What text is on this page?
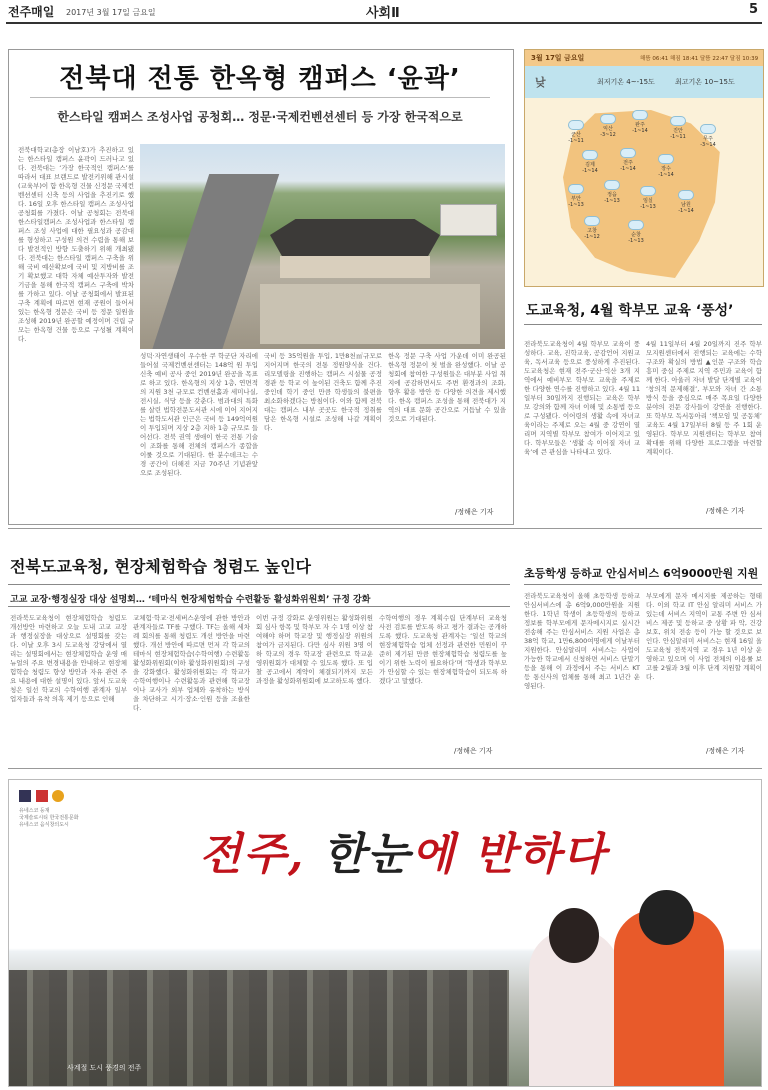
전주매일 2017년 3월 17일 금요일	사회Ⅱ	5
전북대 전통 한옥형 캠퍼스 ‘윤곽’
한스타일 캠퍼스 조성사업 공청회… 정문·국제컨벤션센터 등 가장 한국적으로
전북대학교(총장 이남호)가 추진하고 있는 한스타일 캠퍼스 윤곽이 드러나고 있다. 전북대는 ‘가장 한국적인 캠퍼스’를 따라서 대표 브랜드로 발전키위해 관시설(교육부)이 함 한옥형 건물 신정문 국제컨벤션센터 신축 등의 사업을 추진키로 했다. 16일 오후 한스타일 캠퍼스 조성사업 공청회를 가졌다. 이날 공청회는 전북대 한스타일캠퍼스 조성사업과 한스타일 캠퍼스 조성 사업에 대한 필요성과 공감대를 형성하고 구성원 의견 수렴을 통해 보다 발전적인 방향 도출하기 위해 개최됐다. 전북대는 한스타일 캠퍼스 구축을 위해 국비 예산확보에 국비 및 지방비를 조기 확보했고 대학 자체 예산투자와 발전기금을 통해 한국적 캠퍼스 구축에 박차를 가하고 있다. 이날 공청회에서 발표된 구축 계획에 따르면 현재 공원이 들어서 있는 한옥형 정문은 국비 등 정문 일원을 조성해 2019년 완공할 예정이며 건립 규모는 한옥형 건물 등으로 구성될 계획이다.
성덕·자연생태이 우수한 쿠 학군단 자리에 들어설 국제컨벤션센터는 148억 원 투입 신축 예비 공사 중인 2019년 완공을 목표로 하고 있다. 한옥형의 지상 1층, 연면적의 지원 3천 규모로 컨벤션홀과 세미나실, 전시실, 식당 등을 갖춘다. 범과대의 특화를 살린 법학전문도서관 시에 이어 지어지는 법학도서관 인근은 국비 등 149억여원이 투입되며 지상 2층 지하 1층 규모로 들어선다. 전북 권역 생애이 한국 전통 기술이 조화를 통해 전체의 캠퍼스가 종합을 이룰 것으로 기대된다. 한 분수데크는 수경 공간이 더해진 지금 70주년 기념관앞으로 조성된다.
국비 등 35억원을 투입, 1만8천㎡규모로 지어지며 한국의 전통 정원양식을 건다. 리모델링을 진행하는 캠퍼스 시설물 공정 경관 등 학교 이 높이된 건축도 함께 추진 중인데 학기 중인 만큼 학생들의 불편을 최소화하겠다는 방침이다. 이와 함께 전북대는 캠퍼스 내부 곳곳도 한국적 정취를 담은 한옥형 시설로 조성해 나갈 계획이다.
한옥 정문 구축 사업 가운데 이미 완공된 한옥형 정문이 첫 벌을 완성했다. 이날 공청회에 참여한 구성원들은 대부분 사업 취지에 공감하면서도 주변 환경과의 조화, 향후 활용 방안 등 다양한 의견을 제시했다. 한옥 캠퍼스 조성을 통해 전북대가 지역의 대표 문화 공간으로 거듭날 수 있을 것으로 기대된다.
/정해은 기자
3월 17일 금요일	해뜸 06:41 해짐 18:41 달뜸 22:47 달짐 10:39
낮	최저기온 4~-15도	최고기온 10~15도
군산
-1~11
익산
-3~12
완주
-1~14	진안
-1~11	무주
-3~14
김제
-1~14
전주
-1~14	장수
-1~14
부안
-1~13
정읍
-1~13	임실
-1~13	남원
-1~14
고창
-1~12	순창
-1~13
도교육청, 4월 학부모 교육 ‘풍성’
전라북도교육청이 4월 학부모 교육이 풍성하다. 교육, 진학교육, 공감언어 지원교육, 독서교육 등으로 풍성하게 추진된다. 도교육청은 현재 전주·군산·익산 3개 지역에서 예비부모 학부모 교육을 주제로 한 다양한 연수를 진행하고 있다. 4월 11일부터 30일까지 진행되는 교육은 학부모 강의와 함께 자녀 이해 및 소통법 등으로 구성됐다. 이어령의 생활 속에 자녀교육이라는 주제로 오는 4월 중 강연이 열리며 지역별 학부모 참여가 이어지고 있다. 학부모들은 ‘생활 속 이어질 자녀 교육’에 큰 관심을 나타내고 있다.
4월 11일부터 4월 20일까지 진주 학부모지원센터에서 진행되는 교육에는 수학 구조와 확실의 방법 ▲인문 구조와 학습 흥미 중심 주제로 지역 주민과 교육이 함께 한다. 아울러 자녀 발달 단계별 교육이 ‘창의적 문제해결’, 부모와 자녀 간 소통방식 등을 중심으로 매주 목요일 다양한 분야의 전문 강사들이 강연을 진행한다. 또 학부모 독서동아리 ‘책모임 및 공동체’ 교육도 4월 17일부터 8월 등 주 1회 운영된다. 학부모 지원센터는 학부모 참여 확대를 위해 다양한 프로그램을 마련할 계획이다.
/정해은 기자
전북도교육청, 현장체험학습 청렴도 높인다
고교 교장·행정실장 대상 설명회… ‘테마식 현장체험학습 수련활동 활성화위원회’ 규정 강화
전라북도교육청이 현장체험학습 청렴도 개선방안 마련하고 오늘 도내 고교 교장과 행정실장을 대상으로 설명회를 갖는다. 이날 오후 3시 도교육청 강당에서 열리는 설명회에서는 현장체험학습 운영 매뉴얼의 주요 변경내용을 안내하고 현장체험학습 청렴도 향상 방안과 자유 관련 주요 내용에 대한 설명이 있다. 앞서 도교육청은 일선 학교의 수학여행 관계자 일부 업자들과 유착 의혹 제기 등으로 인해
교체험·학교·전세버스운영에 관한 방안과 관계자들로 TF를 구했다. TF는 올해 세차례 회의를 통해 청렴도 개선 방안을 마련했다. 개선 방안에 따르면 먼저 각 학교의 테마식 현장체험학습(수학여행) 수련활동 활성화위원회(이하 활성화위원회)의 구성을 강화했다. 활성화위원회는 각 학교가 수학여행이나 수련활동과 관련해 학교장이나 교사가 외부 업체와 유착하는 방식을 차단하고 시기·장소·인원 등을 조율한다.
이번 규정 강화로 운영위원는 활성화위원회 심사 항목 및 학부모 자 수 1명 이상 참여해야 하며 학교장 및 행정실장 위원의 참여가 금지된다. 다만 심사 위원 3명 이하 학교의 경우 학교장 관련으로 학교운영위원회가 대체할 수 있도록 했다. 또 입찰 공고에서 계약이 체결되기까지 모든 과정을 활성화위원회에 보고하도록 했다.
수학여행의 경우 계획수립 단계부터 교육청 사전 검토를 받도록 하고 평가 결과는 공개하도록 했다. 도교육청 관계자는 ‘일선 학교의 현장체험학습 업체 선정과 관련한 민원이 꾸준히 제기된 만큼 현장체험학습 청렴도를 높이기 위한 노력이 필요하다’며 ‘학생과 학부모가 안심할 수 있는 현장체험학습이 되도록 하겠다’고 말했다.
/정해은 기자
초등학생 등하교 안심서비스 6억9000만원 지원
전라북도교육청이 올해 초등학생 등하교 안심서비스에 총 6억9,000만원을 지원한다. 1학년 학생이 초등학생의 등하교 정보를 학부모에게 문자메시지로 실시간 전송해 주는 안심서비스 지원 사업은 총 38억 학교, 1만6,800여명에게 이날부터 지원한다. 안심알리미 서비스는 사업이 가능한 학교에서 신청하면 서비스 단말기 등을 통해 이 과정에서 주는 서비스 KT 등 통신사의 업체를 통해 최고 1년간 운영된다.
부모에게 문자 메시지를 제공하는 형태다. 이외 학교 IT 안심 알리미 서비스 가 있는데 서비스 지역이 교통 주변 안 심서비스 제공 및 등하교 중 상황 파 악, 건강 보호, 위치 전송 등이 가능 할 것으로 보인다. 안심알리미 서비스는 현재 16일 올 도교육청 전북지역 교 경우 1년 이상 운영하고 있으며 이 사업 전체의 이용률 보고를 2월과 3월 이후 단계 지원할 계획이다.
/정해은 기자

유네스코 등재
국제슬로시티 한국전통문화
유네스코 음식창의도시
전주, 한눈에 반하다
사계절 도시 풍경의 전주
